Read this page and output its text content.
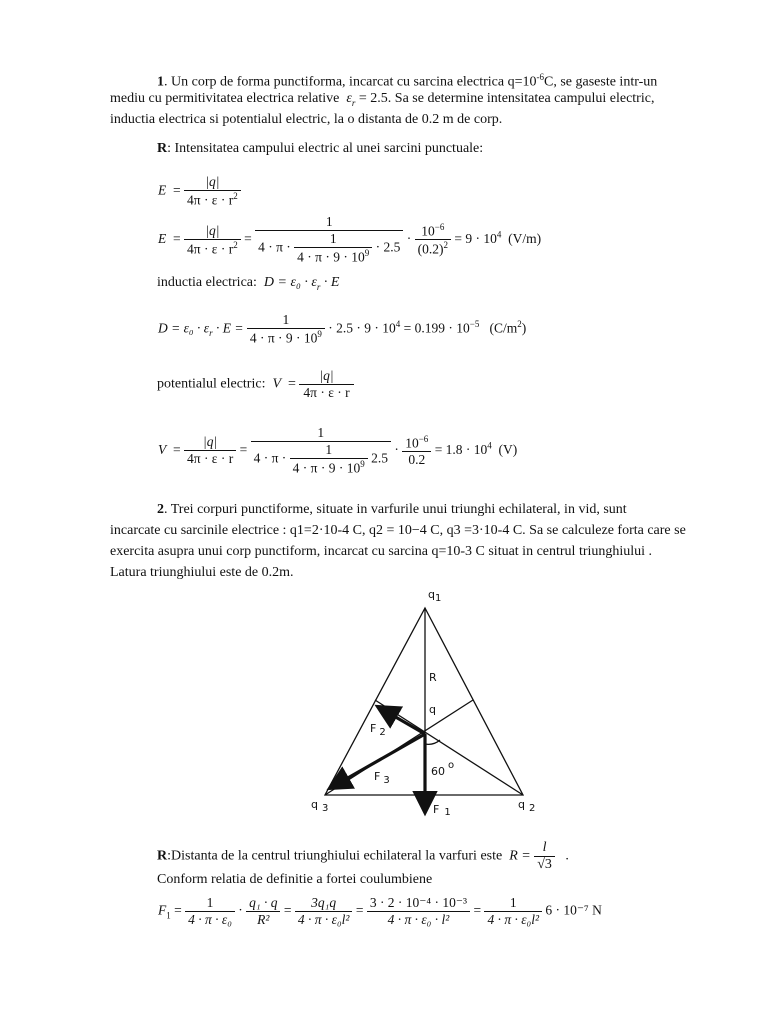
1. Un corp de forma punctiforma, incarcat cu sarcina electrica $q=10^{-6}C$, se gaseste intr-un
mediu cu permitivitatea electrica relative $\varepsilon_r = 2.5$. Sa se determine intensitatea campului electric,
inductia electrica si potentialul electric, la o distanta de 0.2 m de corp.
R: Intensitatea campului electric al unei sarcini punctuale:
$E = \frac{|q|}{4\pi \cdot \varepsilon \cdot r^2}$
$E = \frac{|q|}{4\pi \cdot \varepsilon \cdot r^2} = \frac{1}{4 \cdot \pi \cdot \frac{1}{4 \cdot \pi \cdot 9 \cdot 10^9} \cdot 2.5} \cdot \frac{10^{-6}}{(0.2)^2} = 9 \cdot 10^4$ (V/m)
inductia electrica: $D = \varepsilon_0 \cdot \varepsilon_r \cdot E$
$D = \varepsilon_0 \cdot \varepsilon_r \cdot E = \frac{1}{4 \cdot \pi \cdot 9 \cdot 10^9} \cdot 2.5 \cdot 9 \cdot 10^4 = 0.199 \cdot 10^{-5}$ $(C/m^2)$
potentialul electric: $V = \frac{|q|}{4\pi \cdot \varepsilon \cdot r}$
$V = \frac{|q|}{4\pi \cdot \varepsilon \cdot r} = \frac{1}{4 \cdot \pi \cdot \frac{1}{4 \cdot \pi \cdot 9 \cdot 10^9} 2.5} \cdot \frac{10^{-6}}{0.2} = 1.8 \cdot 10^4$ (V)
2. Trei corpuri punctiforme, situate in varfurile unui triunghi echilateral, in vid, sunt
incarcate cu sarcinile electrice : q1=2·10-4 C, q2 = 10−4 C, q3 =3·10-4 C. Sa se calculeze forta care se
exercita asupra unui corp punctiform, incarcat cu sarcina q=10-3 C situat in centrul triunghiului .
Latura triunghiului este de 0.2m.
q1
q 2
q 3
R
q
F 2
F 3
F 1
60 o
R:Distanta de la centrul triunghiului echilateral la varfuri este $R = \frac{l}{√3}$ .
Conform relatia de definitie a fortei coulumbiene
$F_1 = \frac{1}{\text{4 · π · ε₀}} \cdot \frac{\text{q₁ · q}}{\text{R²}} = \frac{\text{3q₁q}}{\text{4 · π · ε₀l²}} = \frac{\text{3 · 2 · 10⁻⁴ · 10⁻³}}{\text{4 · π · ε₀ · l²}} = \frac{1}{\text{4 · π · ε₀l²}} 6 \cdot 10^{-7}$ N
